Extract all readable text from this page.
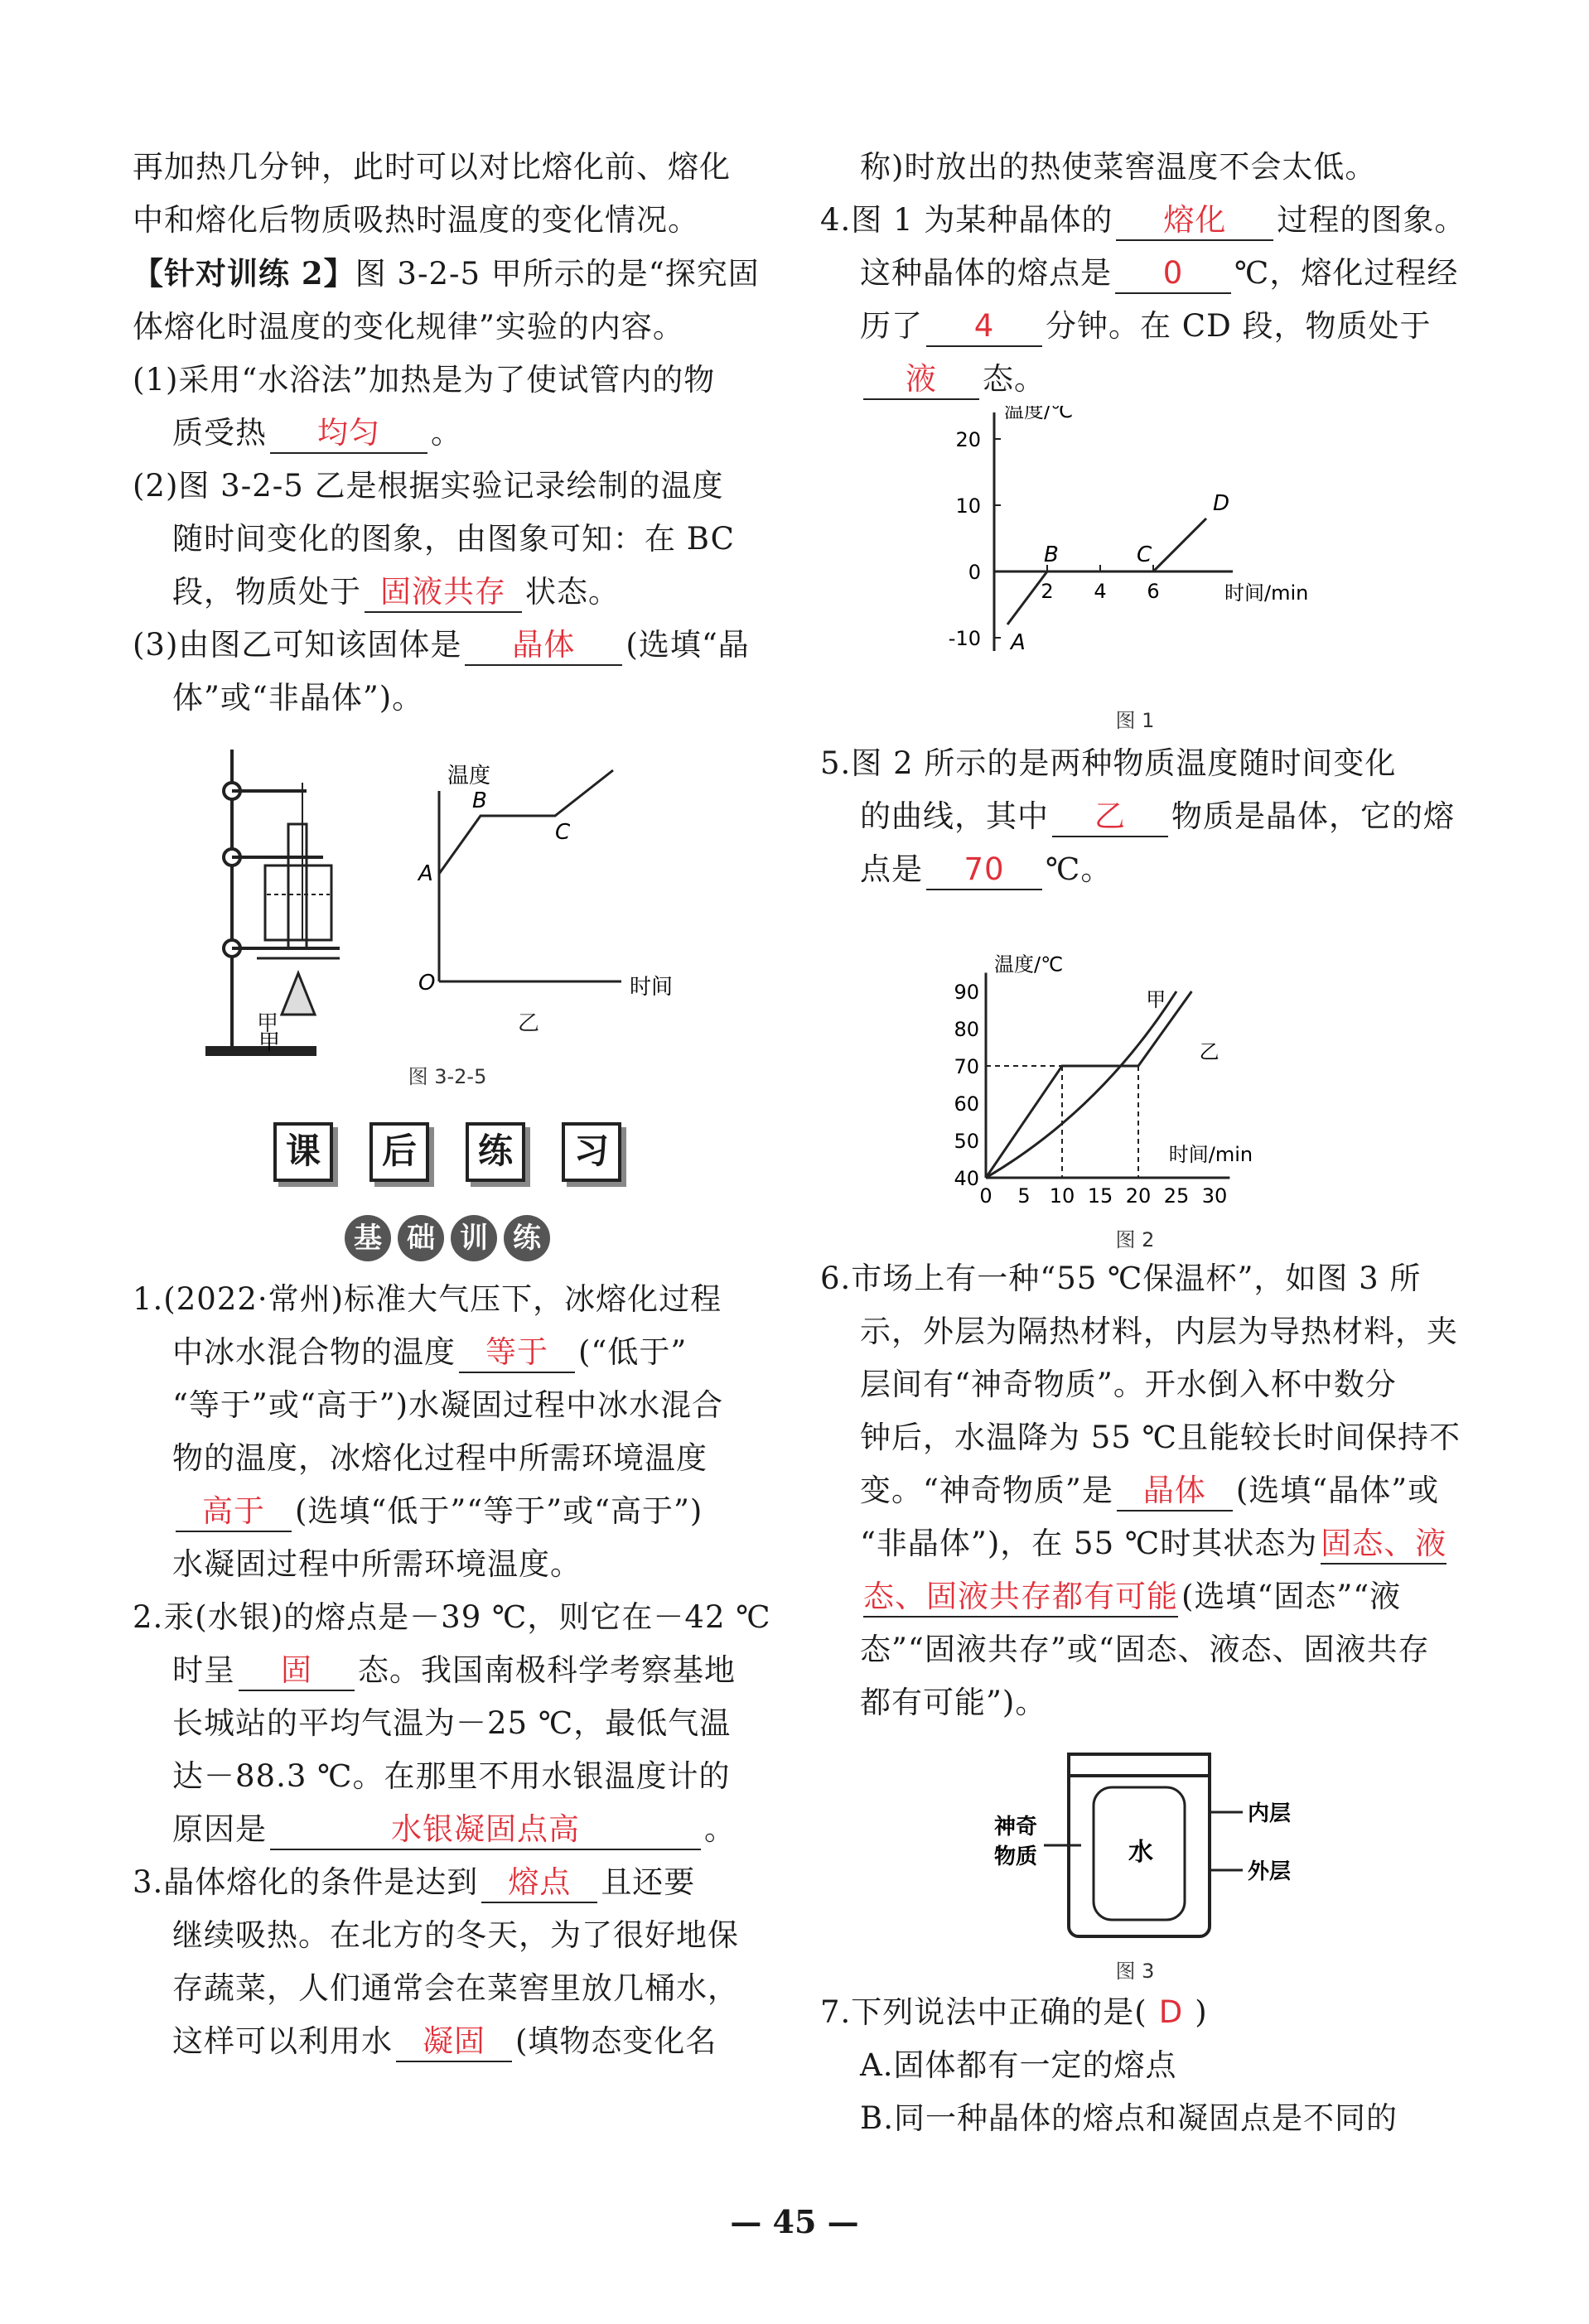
再加热几分钟，此时可以对比熔化前、熔化

中和熔化后物质吸热时温度的变化情况。

【针对训练 2】图 3-2-5 甲所示的是“探究固

体熔化时温度的变化规律”实验的内容。

(1)采用“水浴法”加热是为了使试管内的物

质受热 均匀 。

(2)图 3-2-5 乙是根据实验记录绘制的温度

随时间变化的图象，由图象可知：在 BC

段，物质处于 固液共存 状态。

(3)由图乙可知该固体是 晶体 (选填“晶

体”或“非晶体”)。

温度
时间
A
B
C
O
甲
甲	乙
图 3-2-5
课 后 练 习
基 础 训 练

1.(2022·常州)标准大气压下，冰熔化过程

中冰水混合物的温度 等于 (“低于”

“等于”或“高于”)水凝固过程中冰水混合

物的温度，冰熔化过程中所需环境温度

高于 (选填“低于”“等于”或“高于”)

水凝固过程中所需环境温度。

2.汞(水银)的熔点是－39 ℃，则它在－42 ℃

时呈 固 态。我国南极科学考察基地

长城站的平均气温为－25 ℃，最低气温

达－88.3 ℃。在那里不用水银温度计的

原因是	水银凝固点高	。

3.晶体熔化的条件是达到 熔点 且还要

继续吸热。在北方的冬天，为了很好地保

存蔬菜，人们通常会在菜窖里放几桶水，

这样可以利用水 凝固 (填物态变化名

称)时放出的热使菜窖温度不会太低。

4.图 1 为某种晶体的 熔化 过程的图象。

这种晶体的熔点是 0 ℃，熔化过程经

历了 4 分钟。在 CD 段，物质处于

液 态。

-10
0
10
20
2 4 6
温度/℃
时间/min
A
B	C
D
图 1

5.图 2 所示的是两种物质温度随时间变化

的曲线，其中 乙 物质是晶体，它的熔

点是 70 ℃。

40
50
60
70
80
90
0 5 10 15 20 25 30
温度/℃
时间/min
甲
乙
图 2

6.市场上有一种“55 ℃保温杯”，如图 3 所

示，外层为隔热材料，内层为导热材料，夹

层间有“神奇物质”。开水倒入杯中数分

钟后，水温降为 55 ℃且能较长时间保持不

变。“神奇物质”是 晶体 (选填“晶体”或

“非晶体”)，在 55 ℃时其状态为 固态、液

态、固液共存都有可能 (选填“固态”“液

态”“固液共存”或“固态、液态、固液共存

都有可能”)。

水
内层
外层
神奇
物质
图 3

7.下列说法中正确的是( D )

A.固体都有一定的熔点

B.同一种晶体的熔点和凝固点是不同的

— 45 —
